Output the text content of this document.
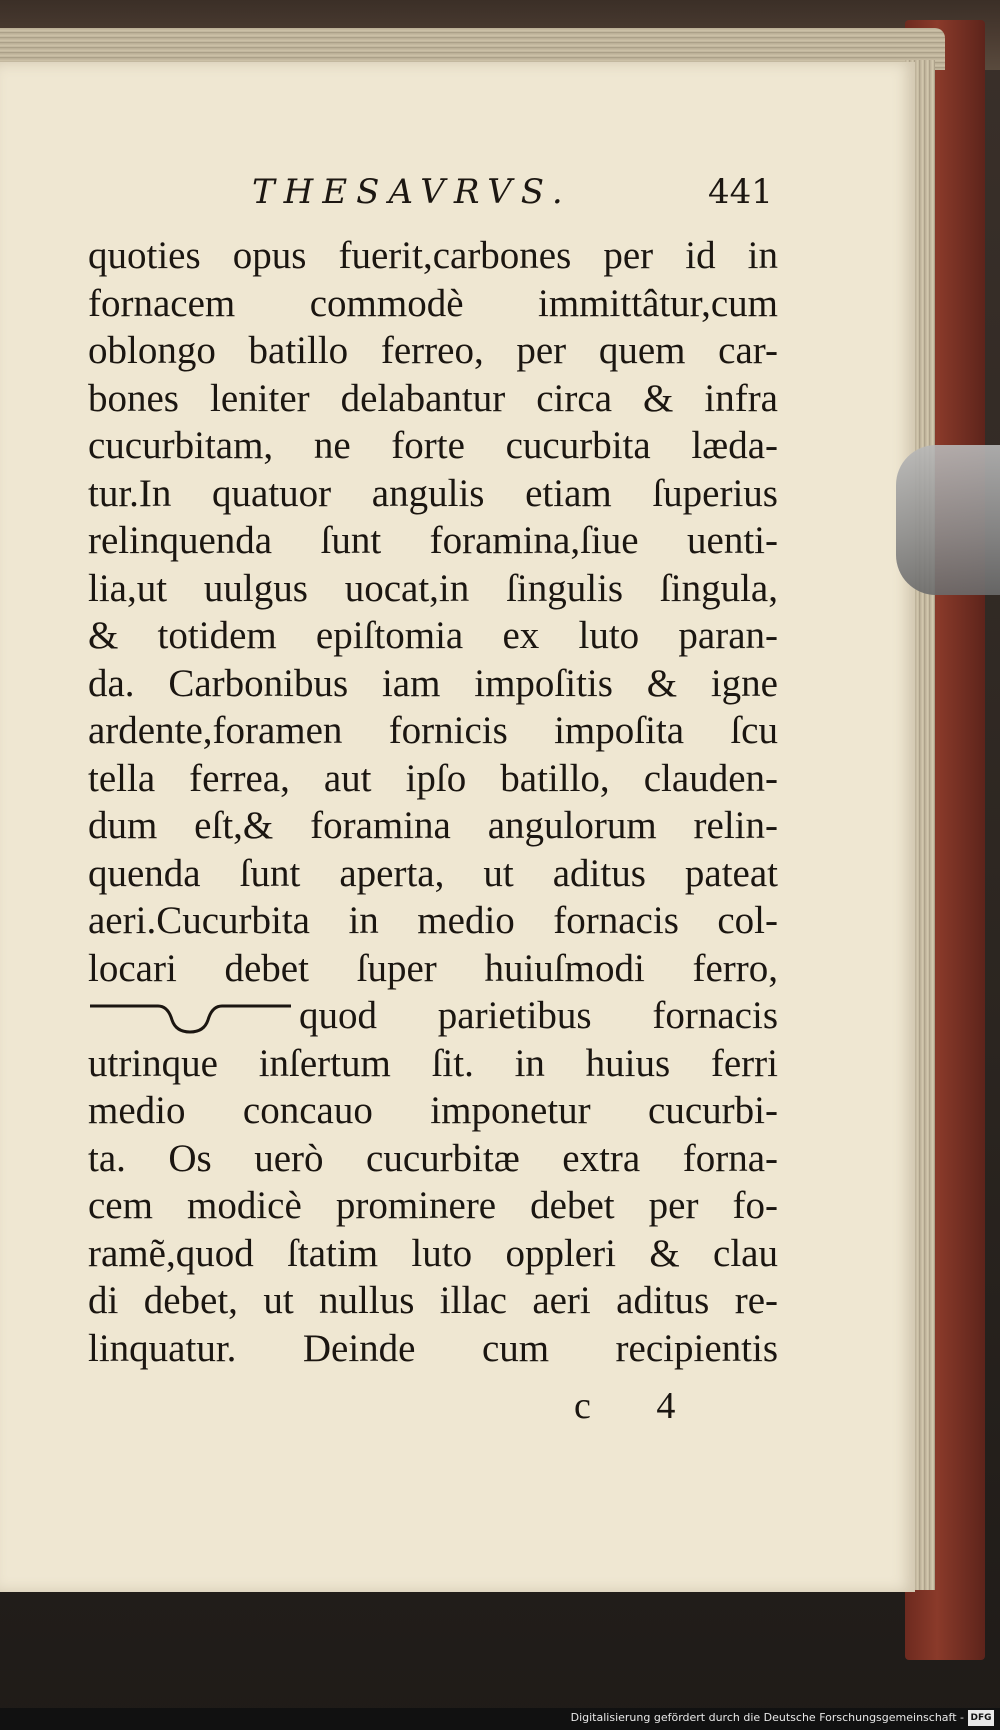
THESAVRVS.	441
quoties opus fuerit,carbones per id in
fornacem commodè immittâtur,cum
oblongo batillo ferreo, per quem car-
bones leniter delabantur circa & infra
cucurbitam, ne forte cucurbita lædа-
tur.In quatuor angulis etiam ſuperius
relinquenda ſunt foramina,ſiue uenti-
lia,ut uulgus uocat,in ſingulis ſingula,
& totidem epiſtomia ex luto paran-
da. Carbonibus iam impoſitis & igne
ardente,foramen fornicis impoſita ſcu
tella ferrea, aut ipſo batillo, clauden-
dum eſt,& foramina angulorum relin-
quenda ſunt aperta, ut aditus pateat
aeri.Cucurbita in medio fornacis col-
locari debet ſuper huiuſmodi ferro,
quod parietibus fornacis
utrinque inſertum ſit. in huius ferri
medio concauo imponetur cucurbi-
ta. Os uerò cucurbitæ extra forna-
cem modicè prominere debet per fo-
ramẽ,quod ſtatim luto oppleri & clau
di debet, ut nullus illac aeri aditus re-
linquatur. Deinde cum recipientis
c 4
Digitalisierung gefördert durch die Deutsche Forschungsgemeinschaft - DFG
